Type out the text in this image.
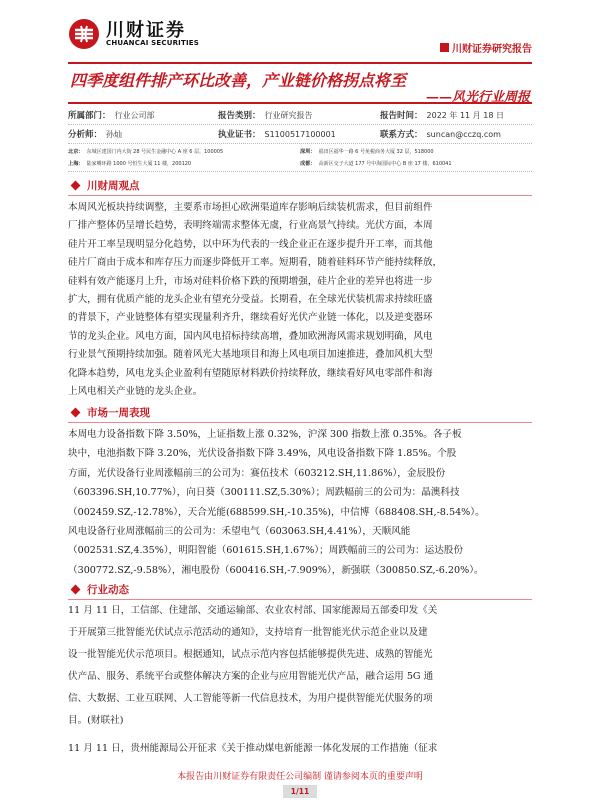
川财证券
CHUANCAI SECURITIES
川财证券研究报告
四季度组件排产环比改善，产业链价格拐点将至
——风光行业周报
所属部门： 行业公司部	报告类别： 行业研究报告	报告时间： 2022 年 11 月 18 日
分析师： 孙灿	执业证书： S1100517100001	联系方式： suncan@cczq.com
北京： 东城区建国门内大街 28 号民生金融中心 A 座 6 层，100005	深圳： 福田区福华一路 6 号免税商务大厦 32 层，518000
上海： 陆家嘴环路 1000 号恒生大厦 11 楼，200120	成都： 高新区交子大道 177 号中海国际中心 B 座 17 楼，610041
川财周观点
本周风光板块持续调整，主要系市场担心欧洲渠道库存影响后续装机需求，但目前组件
厂排产整体仍呈增长趋势，表明终端需求整体无虞，行业高景气持续。光伏方面，本周
硅片开工率呈现明显分化趋势，以中环为代表的一线企业正在逐步提升开工率，而其他
硅片厂商由于成本和库存压力而逐步降低开工率。短期看，随着硅料环节产能持续释放，
硅料有效产能逐月上升，市场对硅料价格下跌的预期增强，硅片企业的差异也将进一步
扩大，拥有优质产能的龙头企业有望充分受益。长期看，在全球光伏装机需求持续旺盛
的背景下，产业链整体有望实现量利齐升，继续看好光伏产业链一体化，以及逆变器环
节的龙头企业。风电方面，国内风电招标持续高增，叠加欧洲海风需求规划明确，风电
行业景气预期持续加强。随着风光大基地项目和海上风电项目加速推进，叠加风机大型
化降本趋势，风电龙头企业盈利有望随原材料跌价持续释放，继续看好风电零部件和海
上风电相关产业链的龙头企业。
市场一周表现
本周电力设备指数下降 3.50%，上证指数上涨 0.32%，沪深 300 指数上涨 0.35%。各子板
块中，电池指数下降 3.20%，光伏设备指数下降 3.49%，风电设备指数下降 1.85%。个股
方面，光伏设备行业周涨幅前三的公司为：赛伍技术（603212.SH,11.86%），金辰股份
（603396.SH,10.77%），向日葵（300111.SZ,5.30%）；周跌幅前三的公司为：晶澳科技
（002459.SZ,-12.78%），天合光能(688599.SH,-10.35%)，中信博（688408.SH,-8.54%）。
风电设备行业周涨幅前三的公司为：禾望电气（603063.SH,4.41%），天顺风能
（002531.SZ,4.35%），明阳智能（601615.SH,1.67%）；周跌幅前三的公司为：运达股份
（300772.SZ,-9.58%），湘电股份（600416.SH,-7.909%），新强联（300850.SZ,-6.20%）。
行业动态
11 月 11 日，工信部、住建部、交通运输部、农业农村部、国家能源局五部委印发《关
于开展第三批智能光伏试点示范活动的通知》，支持培育一批智能光伏示范企业以及建
设一批智能光伏示范项目。根据通知，试点示范内容包括能够提供先进、成熟的智能光
伏产品、服务、系统平台或整体解决方案的企业与应用智能光伏产品，融合运用 5G 通
信、大数据、工业互联网、人工智能等新一代信息技术，为用户提供智能光伏服务的项
目。(财联社)
11 月 11 日，贵州能源局公开征求《关于推动煤电新能源一体化发展的工作措施（征求
本报告由川财证券有限责任公司编制 谨请参阅本页的重要声明
1/11
